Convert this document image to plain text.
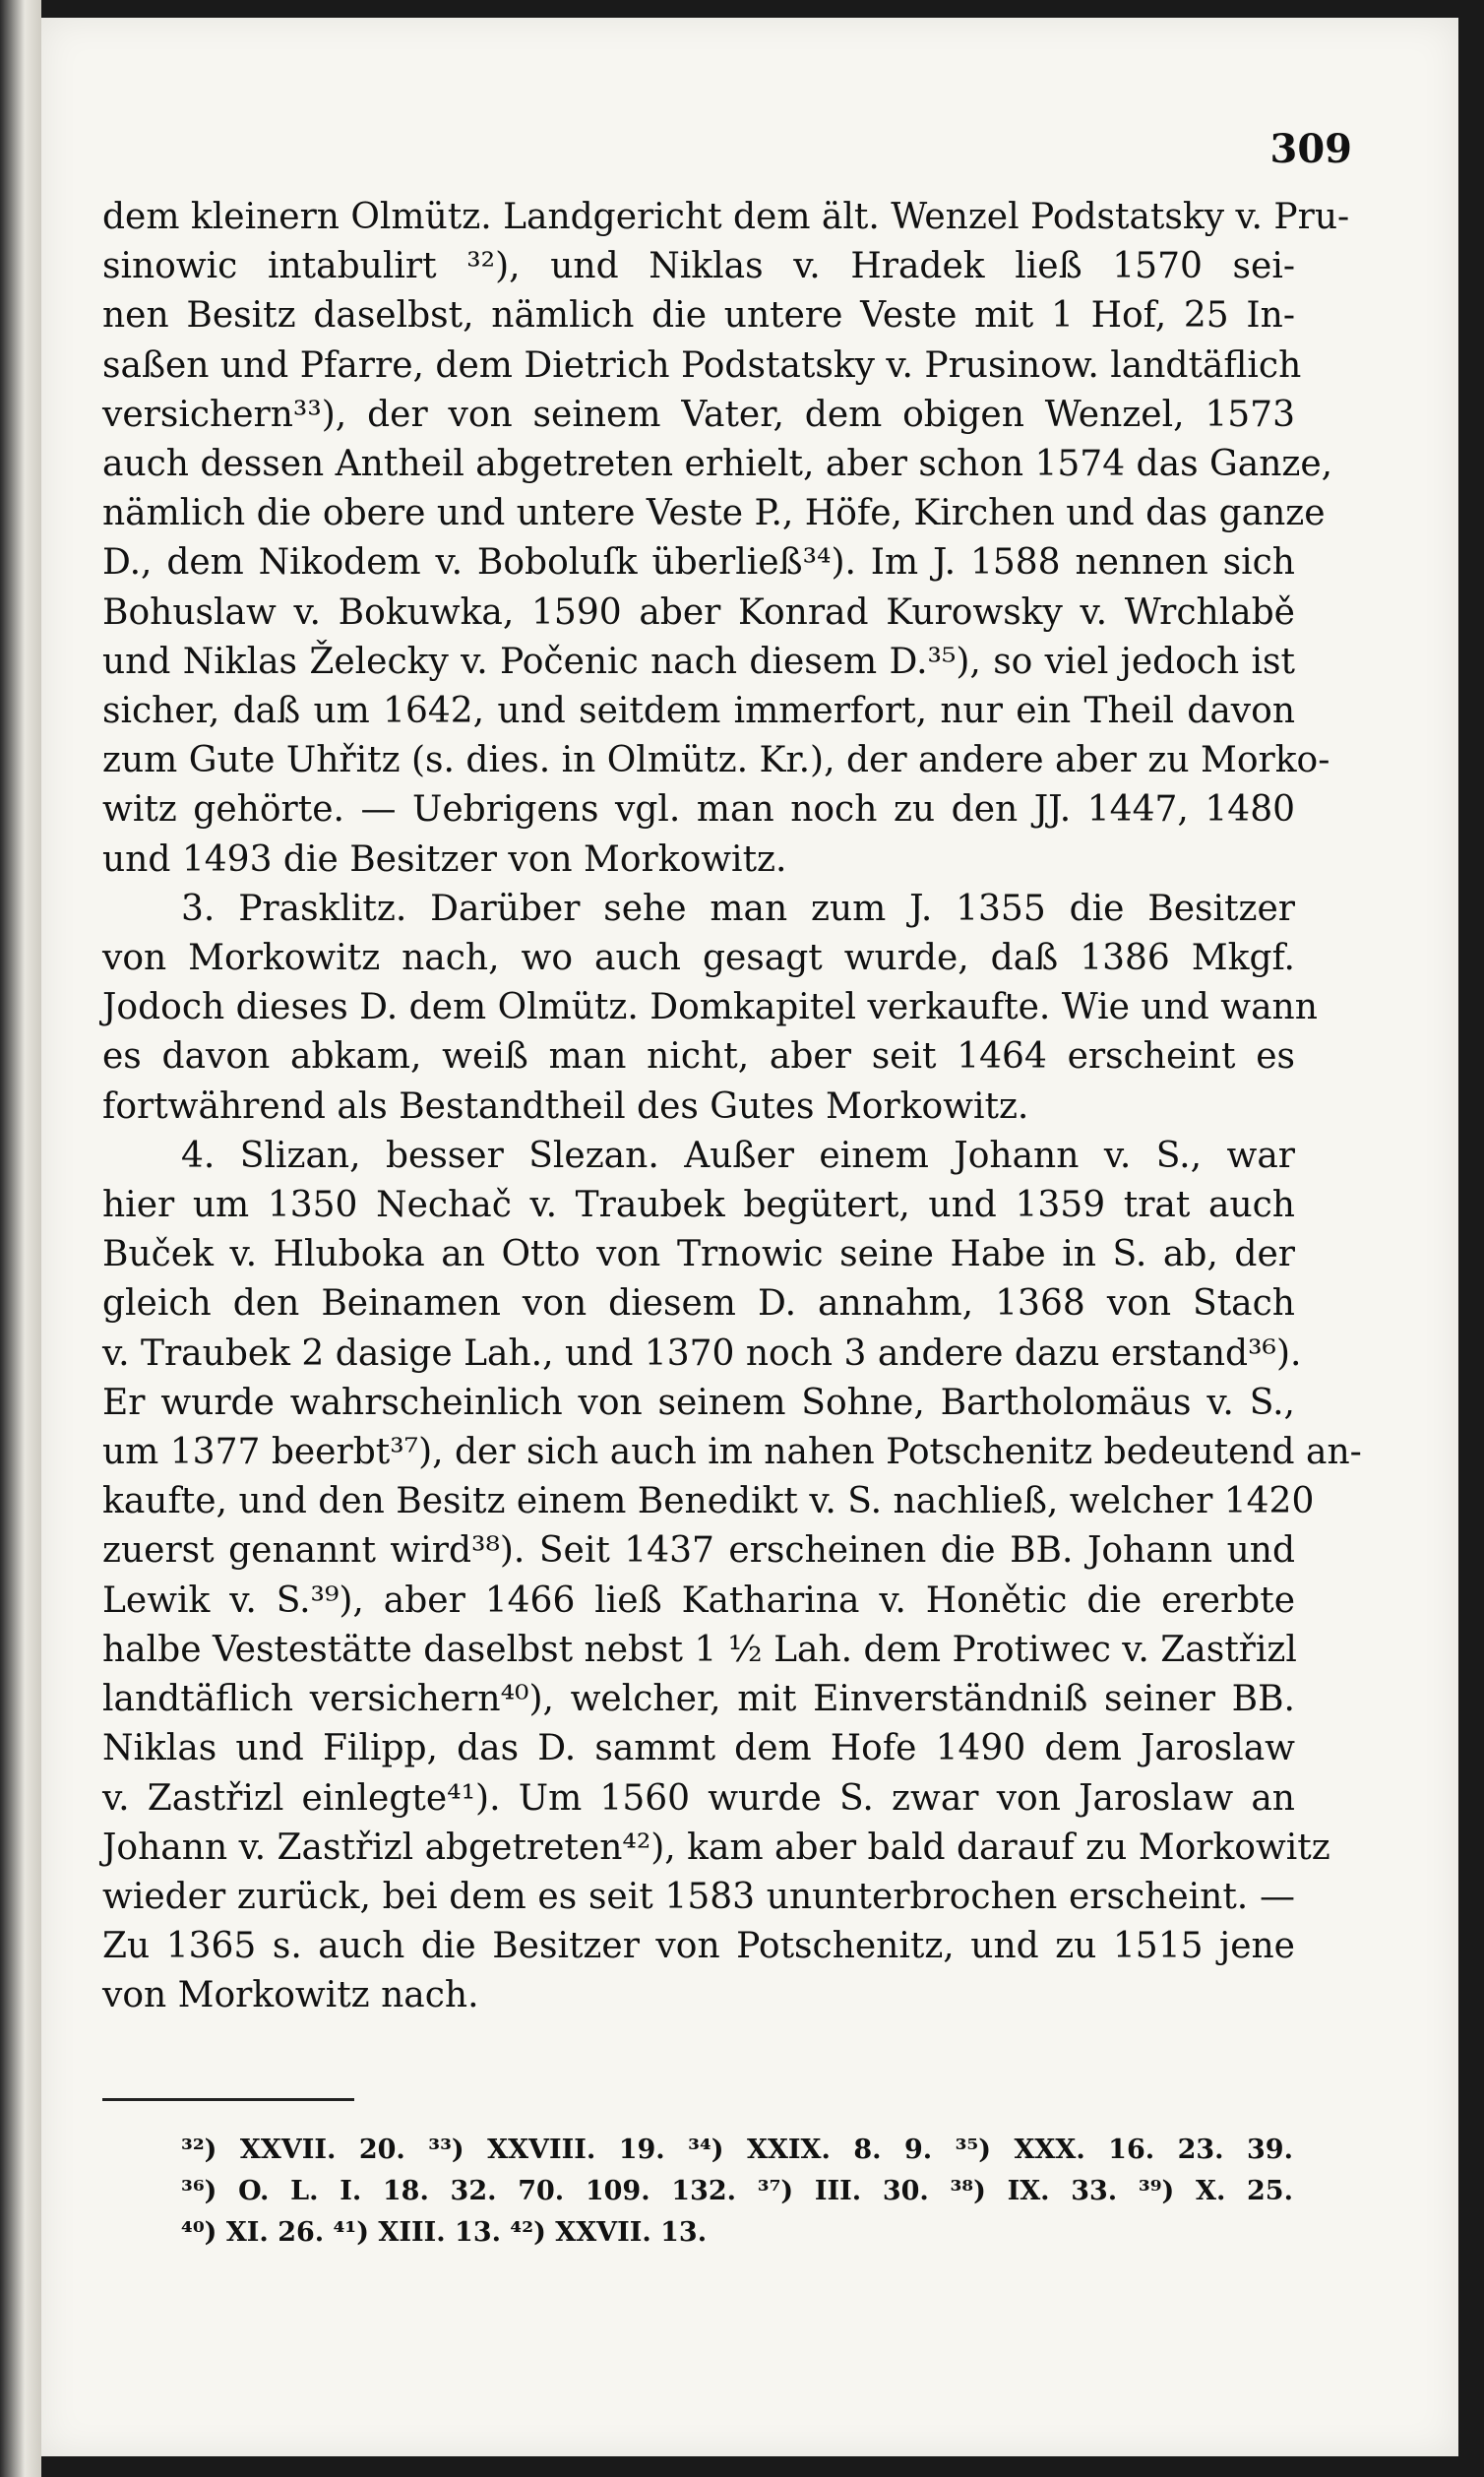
309
dem kleinern Olmütz. Landgericht dem ält. Wenzel Podstatsky v. Pru-
sinowic intabulirt ³²), und Niklas v. Hradek ließ 1570 sei-
nen Besitz daselbst, nämlich die untere Veste mit 1 Hof, 25 In-
saßen und Pfarre, dem Dietrich Podstatsky v. Prusinow. landtäflich
versichern³³), der von seinem Vater, dem obigen Wenzel, 1573
auch dessen Antheil abgetreten erhielt, aber schon 1574 das Ganze,
nämlich die obere und untere Veste P., Höfe, Kirchen und das ganze
D., dem Nikodem v. Boboluſk überließ³⁴). Im J. 1588 nennen sich
Bohuslaw v. Bokuwka, 1590 aber Konrad Kurowsky v. Wrchlabě
und Niklas Želecky v. Počenic nach diesem D.³⁵), so viel jedoch ist
sicher, daß um 1642, und seitdem immerfort, nur ein Theil davon
zum Gute Uhřitz (s. dies. in Olmütz. Kr.), der andere aber zu Morko-
witz gehörte. — Uebrigens vgl. man noch zu den JJ. 1447, 1480
und 1493 die Besitzer von Morkowitz.
3. Prasklitz. Darüber sehe man zum J. 1355 die Besitzer
von Morkowitz nach, wo auch gesagt wurde, daß 1386 Mkgf.
Jodoch dieses D. dem Olmütz. Domkapitel verkaufte. Wie und wann
es davon abkam, weiß man nicht, aber seit 1464 erscheint es
fortwährend als Bestandtheil des Gutes Morkowitz.
4. Slizan, besser Slezan. Außer einem Johann v. S., war
hier um 1350 Nechač v. Traubek begütert, und 1359 trat auch
Buček v. Hluboka an Otto von Trnowic seine Habe in S. ab, der
gleich den Beinamen von diesem D. annahm, 1368 von Stach
v. Traubek 2 dasige Lah., und 1370 noch 3 andere dazu erstand³⁶).
Er wurde wahrscheinlich von seinem Sohne, Bartholomäus v. S.,
um 1377 beerbt³⁷), der sich auch im nahen Potschenitz bedeutend an-
kaufte, und den Besitz einem Benedikt v. S. nachließ, welcher 1420
zuerst genannt wird³⁸). Seit 1437 erscheinen die BB. Johann und
Lewik v. S.³⁹), aber 1466 ließ Katharina v. Honětic die ererbte
halbe Vestestätte daselbst nebst 1 ½ Lah. dem Protiwec v. Zastřizl
landtäflich versichern⁴⁰), welcher, mit Einverständniß seiner BB.
Niklas und Filipp, das D. sammt dem Hofe 1490 dem Jaroslaw
v. Zastřizl einlegte⁴¹). Um 1560 wurde S. zwar von Jaroslaw an
Johann v. Zastřizl abgetreten⁴²), kam aber bald darauf zu Morkowitz
wieder zurück, bei dem es seit 1583 ununterbrochen erscheint. —
Zu 1365 s. auch die Besitzer von Potschenitz, und zu 1515 jene
von Morkowitz nach.
³²) XXVII. 20. ³³) XXVIII. 19. ³⁴) XXIX. 8. 9. ³⁵) XXX. 16. 23. 39.
³⁶) O. L. I. 18. 32. 70. 109. 132. ³⁷) III. 30. ³⁸) IX. 33. ³⁹) X. 25.
⁴⁰) XI. 26. ⁴¹) XIII. 13. ⁴²) XXVII. 13.
